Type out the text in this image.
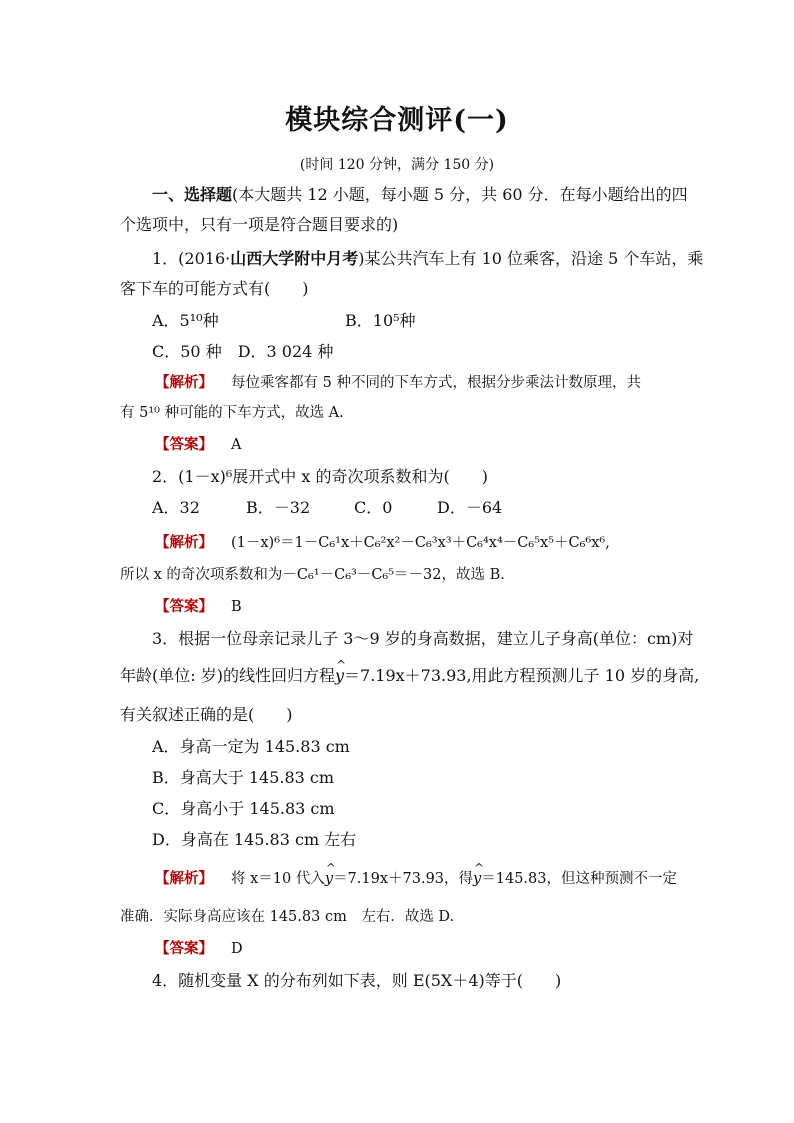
模块综合测评(一)
(时间 120 分钟，满分 150 分)
一、选择题(本大题共 12 小题，每小题 5 分，共 60 分．在每小题给出的四
个选项中，只有一项是符合题目要求的)
1．(2016·山西大学附中月考)某公共汽车上有 10 位乘客，沿途 5 个车站，乘
客下车的可能方式有(　　)
A．5¹⁰种	B．10⁵种
C．50 种　D．3 024 种
【解析】 每位乘客都有 5 种不同的下车方式，根据分步乘法计数原理，共
有 5¹⁰ 种可能的下车方式，故选 A.
【答案】 A
2．(1－x)⁶展开式中 x 的奇次项系数和为(　　)
A．32	B．－32	C．0	D．－64
【解析】 (1－x)⁶＝1－C₆¹x＋C₆²x²－C₆³x³＋C₆⁴x⁴－C₆⁵x⁵＋C₆⁶x⁶,
所以 x 的奇次项系数和为－C₆¹－C₆³－C₆⁵＝－32，故选 B.
【答案】 B
3．根据一位母亲记录儿子 3～9 岁的身高数据，建立儿子身高(单位：cm)对
年龄(单位: 岁)的线性回归方程^ y＝7.19x＋73.93,用此方程预测儿子 10 岁的身高,
有关叙述正确的是(　　)
A．身高一定为 145.83 cm
B．身高大于 145.83 cm
C．身高小于 145.83 cm
D．身高在 145.83 cm 左右
【解析】 将 x＝10 代入^ y＝7.19x＋73.93，得^ y＝145.83，但这种预测不一定
准确．实际身高应该在 145.83 cm　左右．故选 D.
【答案】 D
4．随机变量 X 的分布列如下表，则 E(5X＋4)等于(　　)
